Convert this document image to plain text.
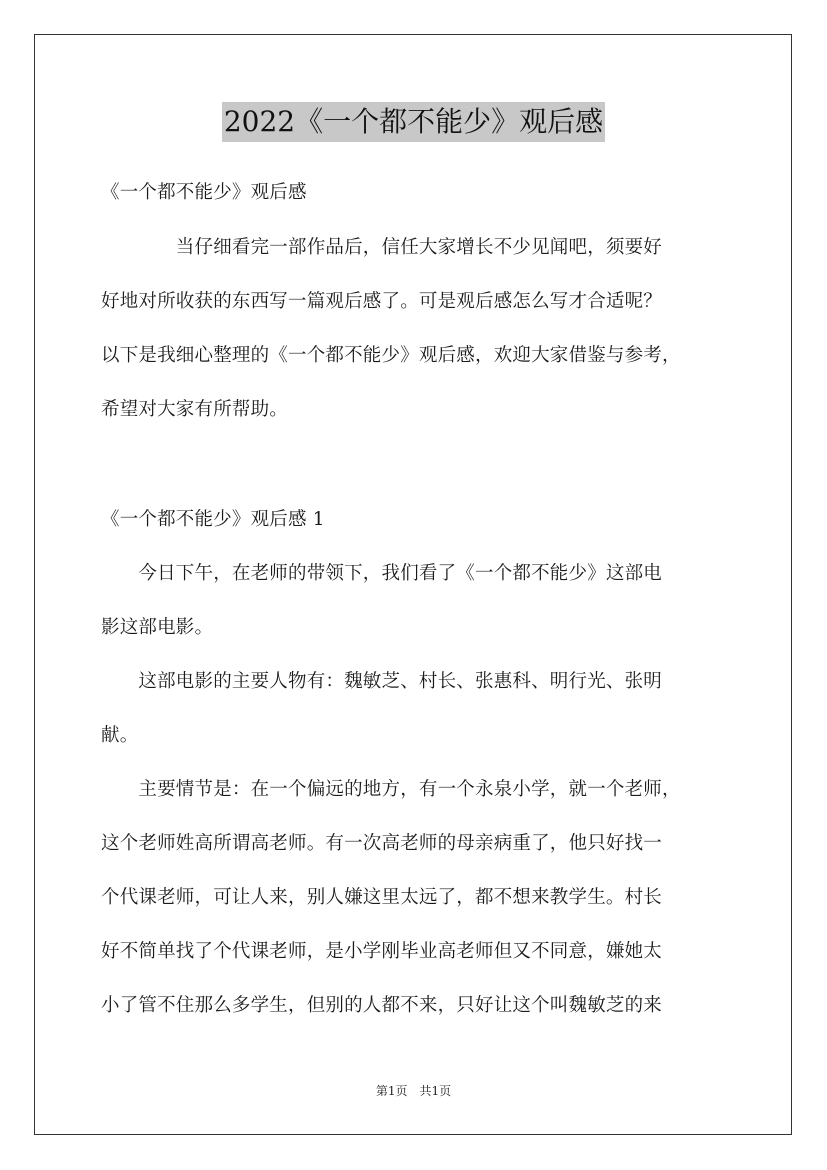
2022《一个都不能少》观后感
《一个都不能少》观后感
　　　　当仔细看完一部作品后，信任大家增长不少见闻吧，须要好
好地对所收获的东西写一篇观后感了。可是观后感怎么写才合适呢？
以下是我细心整理的《一个都不能少》观后感，欢迎大家借鉴与参考，
希望对大家有所帮助。
《一个都不能少》观后感 1
　　今日下午，在老师的带领下，我们看了《一个都不能少》这部电
影这部电影。
　　这部电影的主要人物有：魏敏芝、村长、张惠科、明行光、张明
献。
　　主要情节是：在一个偏远的地方，有一个永泉小学，就一个老师，
这个老师姓高所谓高老师。有一次高老师的母亲病重了，他只好找一
个代课老师，可让人来，别人嫌这里太远了，都不想来教学生。村长
好不简单找了个代课老师，是小学刚毕业高老师但又不同意，嫌她太
小了管不住那么多学生，但别的人都不来，只好让这个叫魏敏芝的来
第1页　共1页
